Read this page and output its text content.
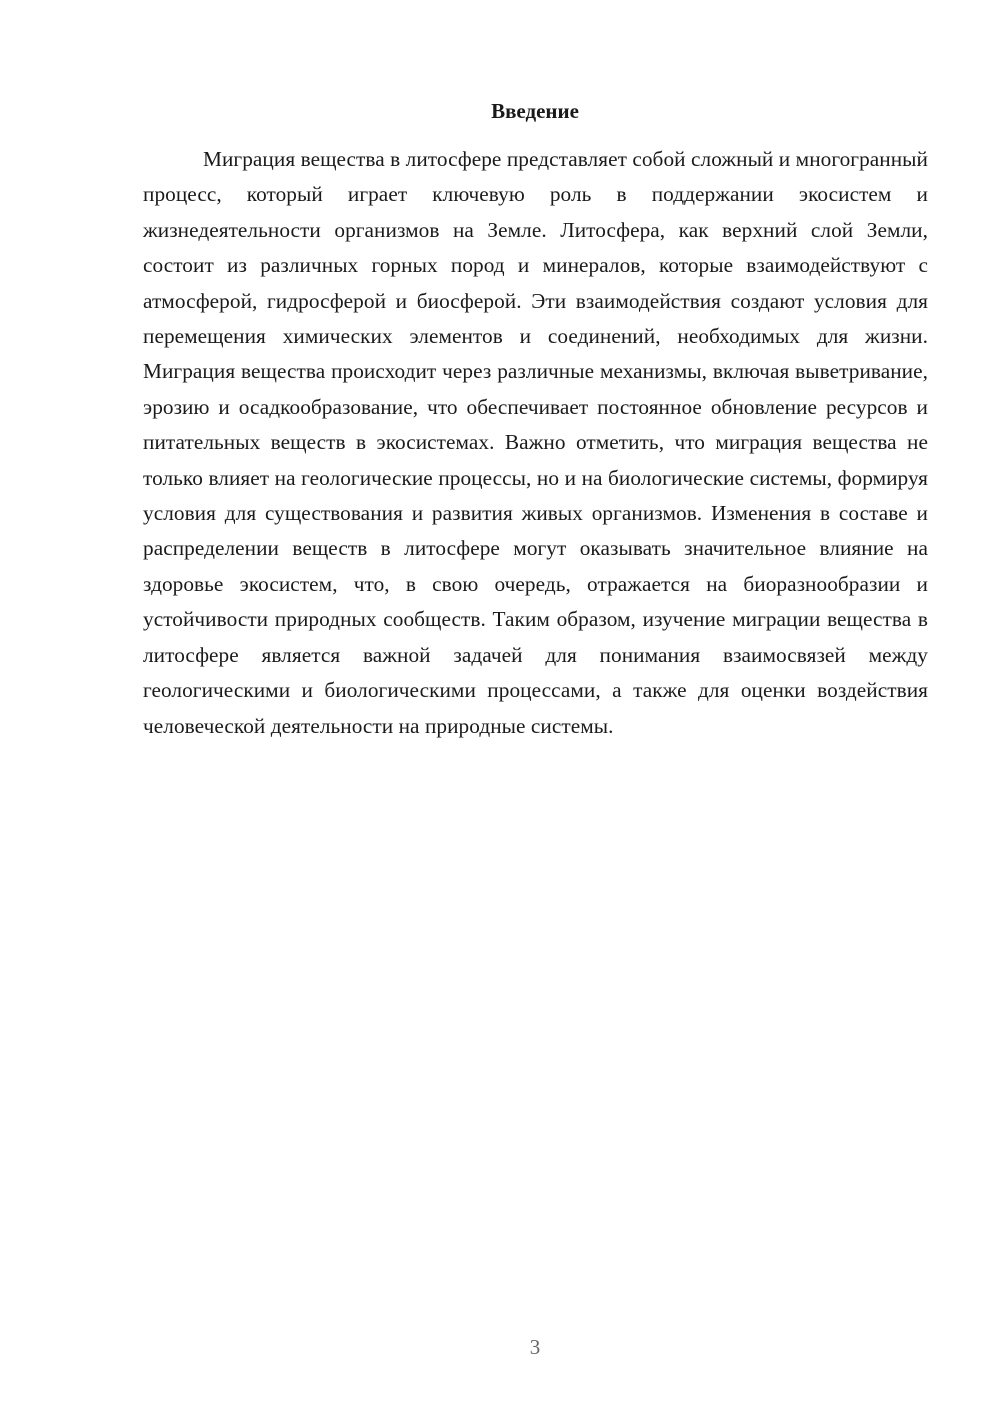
Введение

Миграция вещества в литосфере представляет собой сложный и многогранный процесс, который играет ключевую роль в поддержании экосистем и жизнедеятельности организмов на Земле. Литосфера, как верхний слой Земли, состоит из различных горных пород и минералов, которые взаимодействуют с атмосферой, гидросферой и биосферой. Эти взаимодействия создают условия для перемещения химических элементов и соединений, необходимых для жизни. Миграция вещества происходит через различные механизмы, включая выветривание, эрозию и осадкообразование, что обеспечивает постоянное обновление ресурсов и питательных веществ в экосистемах. Важно отметить, что миграция вещества не только влияет на геологические процессы, но и на биологические системы, формируя условия для существования и развития живых организмов. Изменения в составе и распределении веществ в литосфере могут оказывать значительное влияние на здоровье экосистем, что, в свою очередь, отражается на биоразнообразии и устойчивости природных сообществ. Таким образом, изучение миграции вещества в литосфере является важной задачей для понимания взаимосвязей между геологическими и биологическими процессами, а также для оценки воздействия человеческой деятельности на природные системы.

3
